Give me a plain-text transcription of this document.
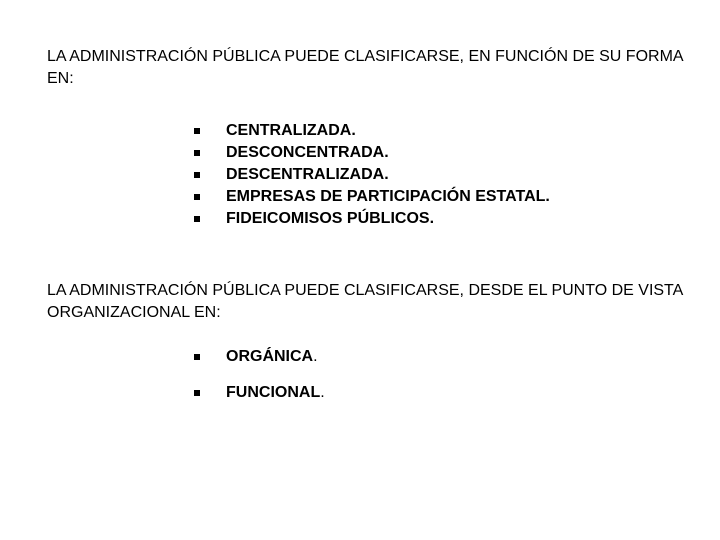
LA ADMINISTRACIÓN PÚBLICA PUEDE CLASIFICARSE, EN FUNCIÓN DE SU FORMA EN:

CENTRALIZADA.
DESCONCENTRADA.
DESCENTRALIZADA.
EMPRESAS DE PARTICIPACIÓN ESTATAL.
FIDEICOMISOS PÚBLICOS.

LA ADMINISTRACIÓN PÚBLICA PUEDE CLASIFICARSE, DESDE EL PUNTO DE VISTA ORGANIZACIONAL EN:

ORGÁNICA.
FUNCIONAL.
